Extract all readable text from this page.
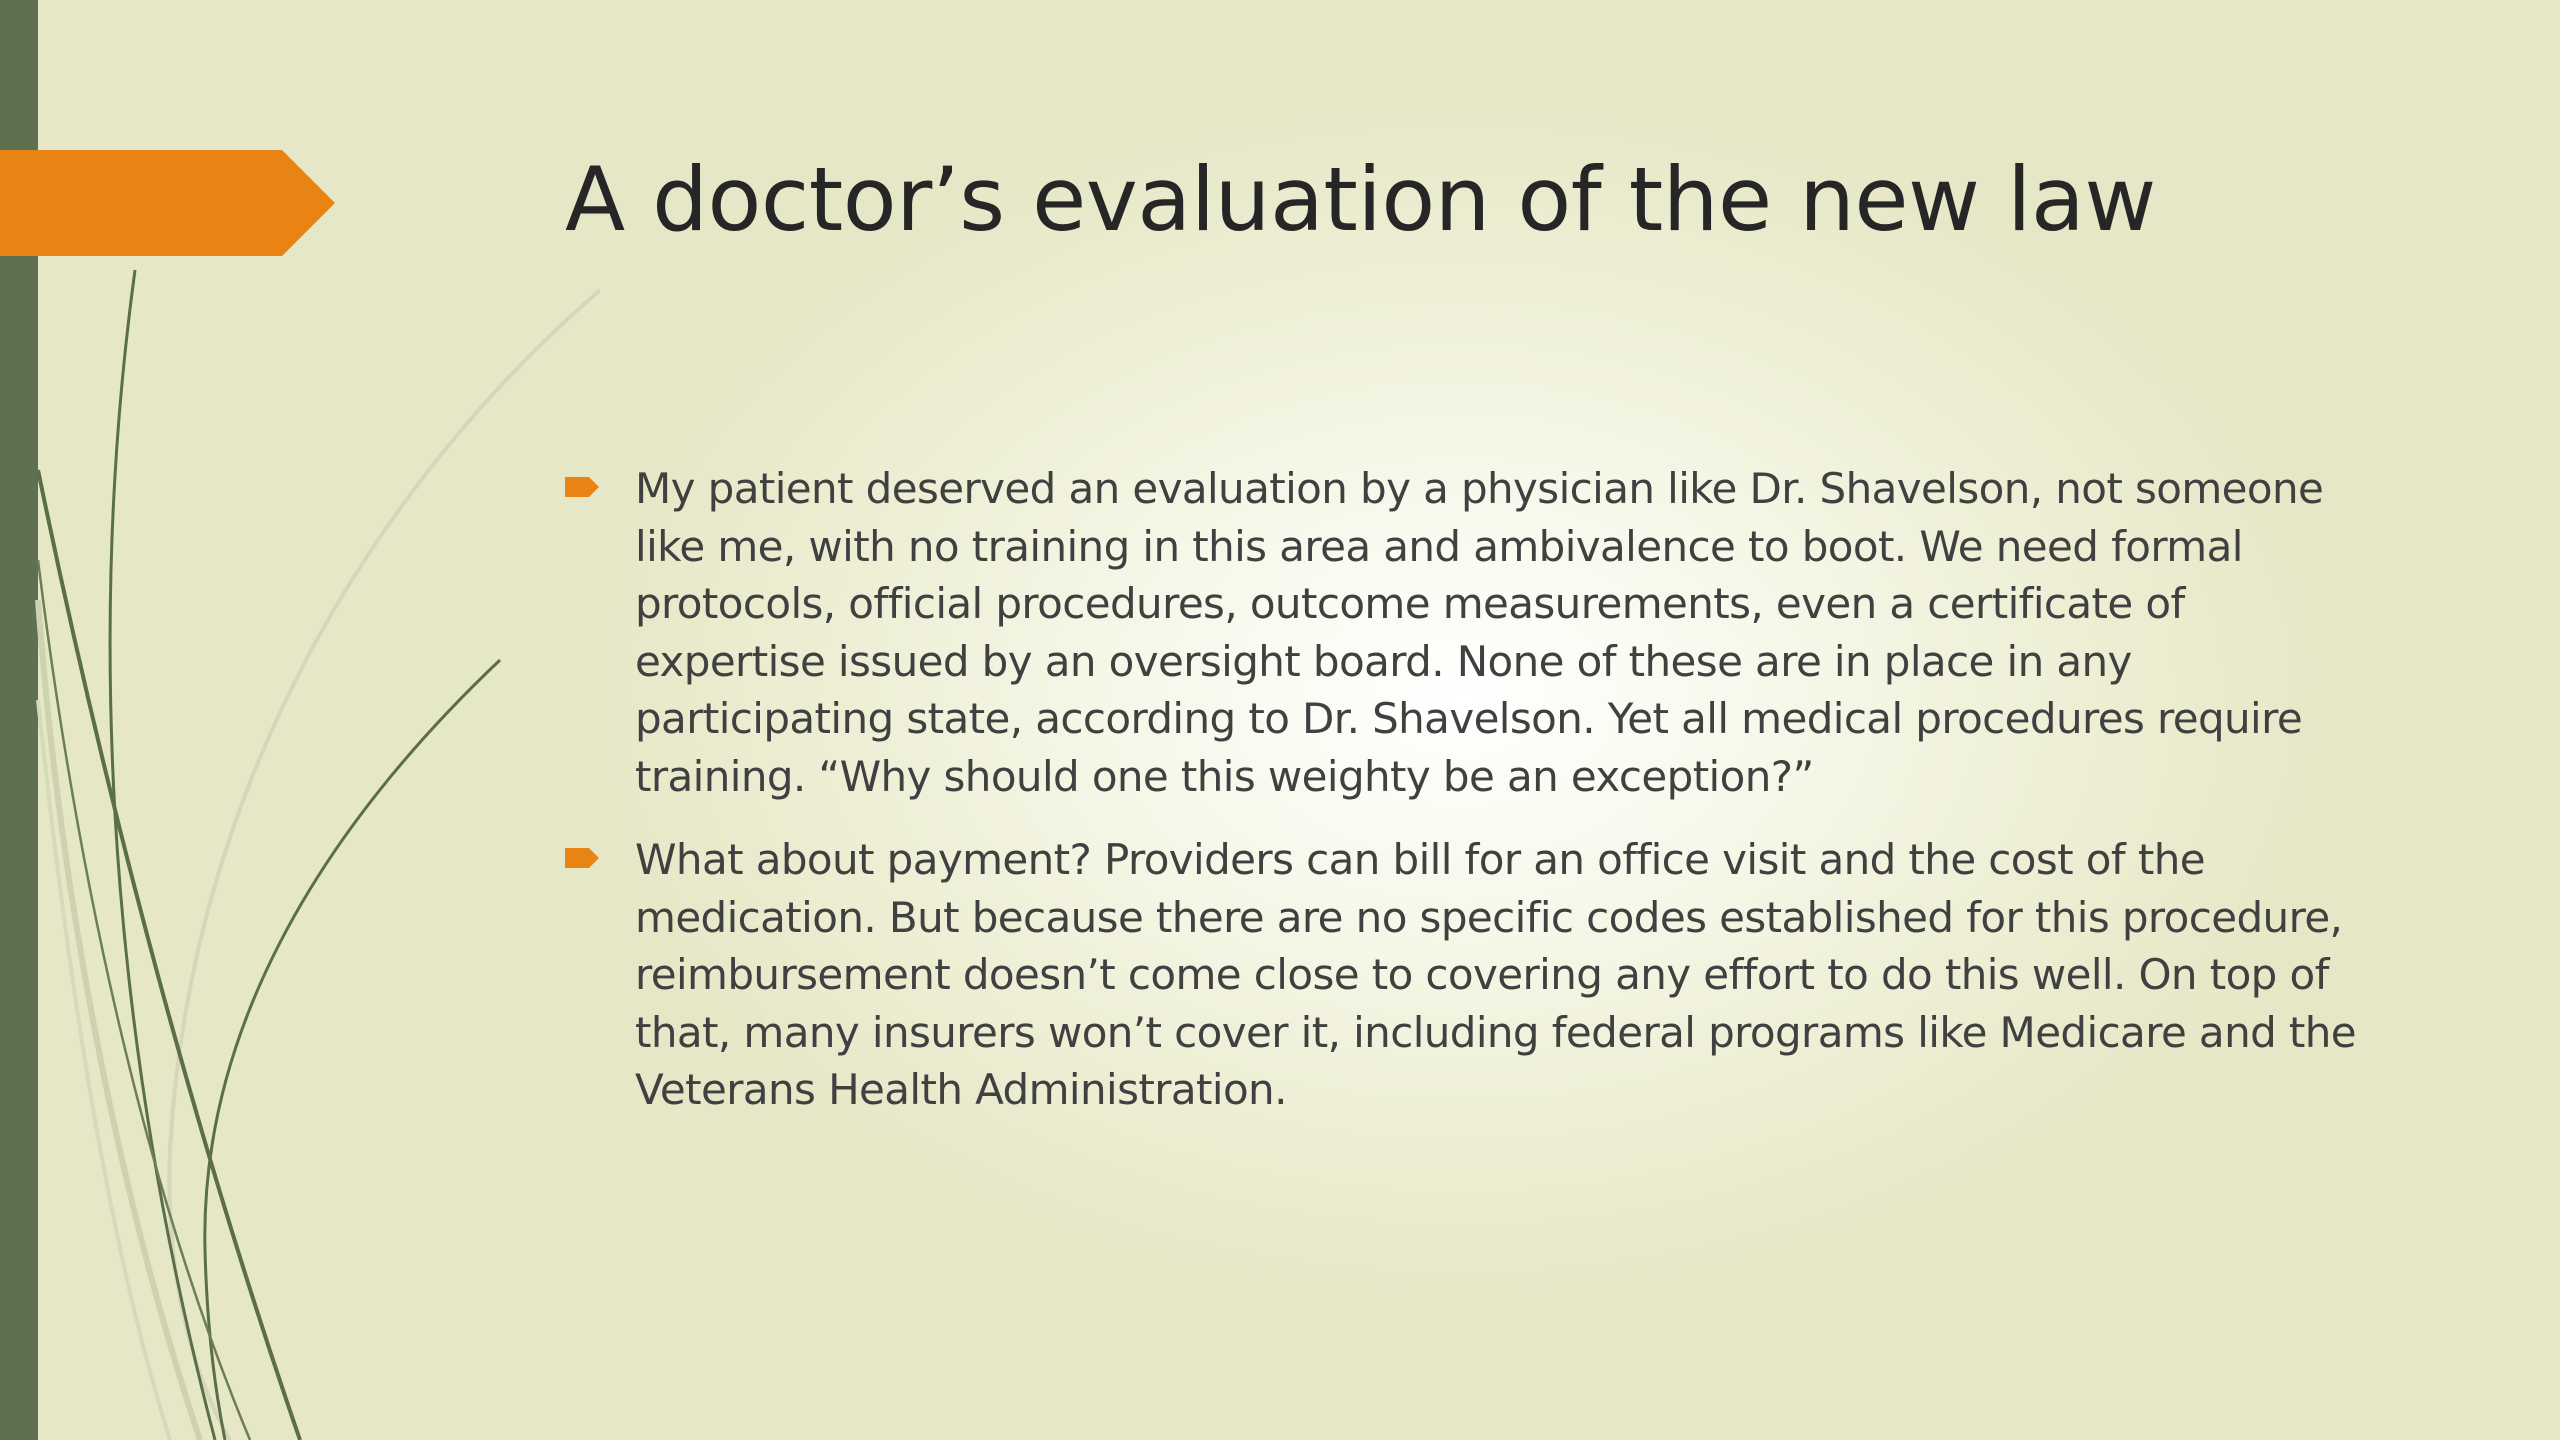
A doctor’s evaluation of the new law
My patient deserved an evaluation by a physician like Dr. Shavelson, not someone like me, with no training in this area and ambivalence to boot. We need formal protocols, official procedures, outcome measurements, even a certificate of expertise issued by an oversight board. None of these are in place in any participating state, according to Dr. Shavelson. Yet all medical procedures require training. “Why should one this weighty be an exception?”
What about payment? Providers can bill for an office visit and the cost of the medication. But because there are no specific codes established for this procedure, reimbursement doesn’t come close to covering any effort to do this well. On top of that, many insurers won’t cover it, including federal programs like Medicare and the Veterans Health Administration.
